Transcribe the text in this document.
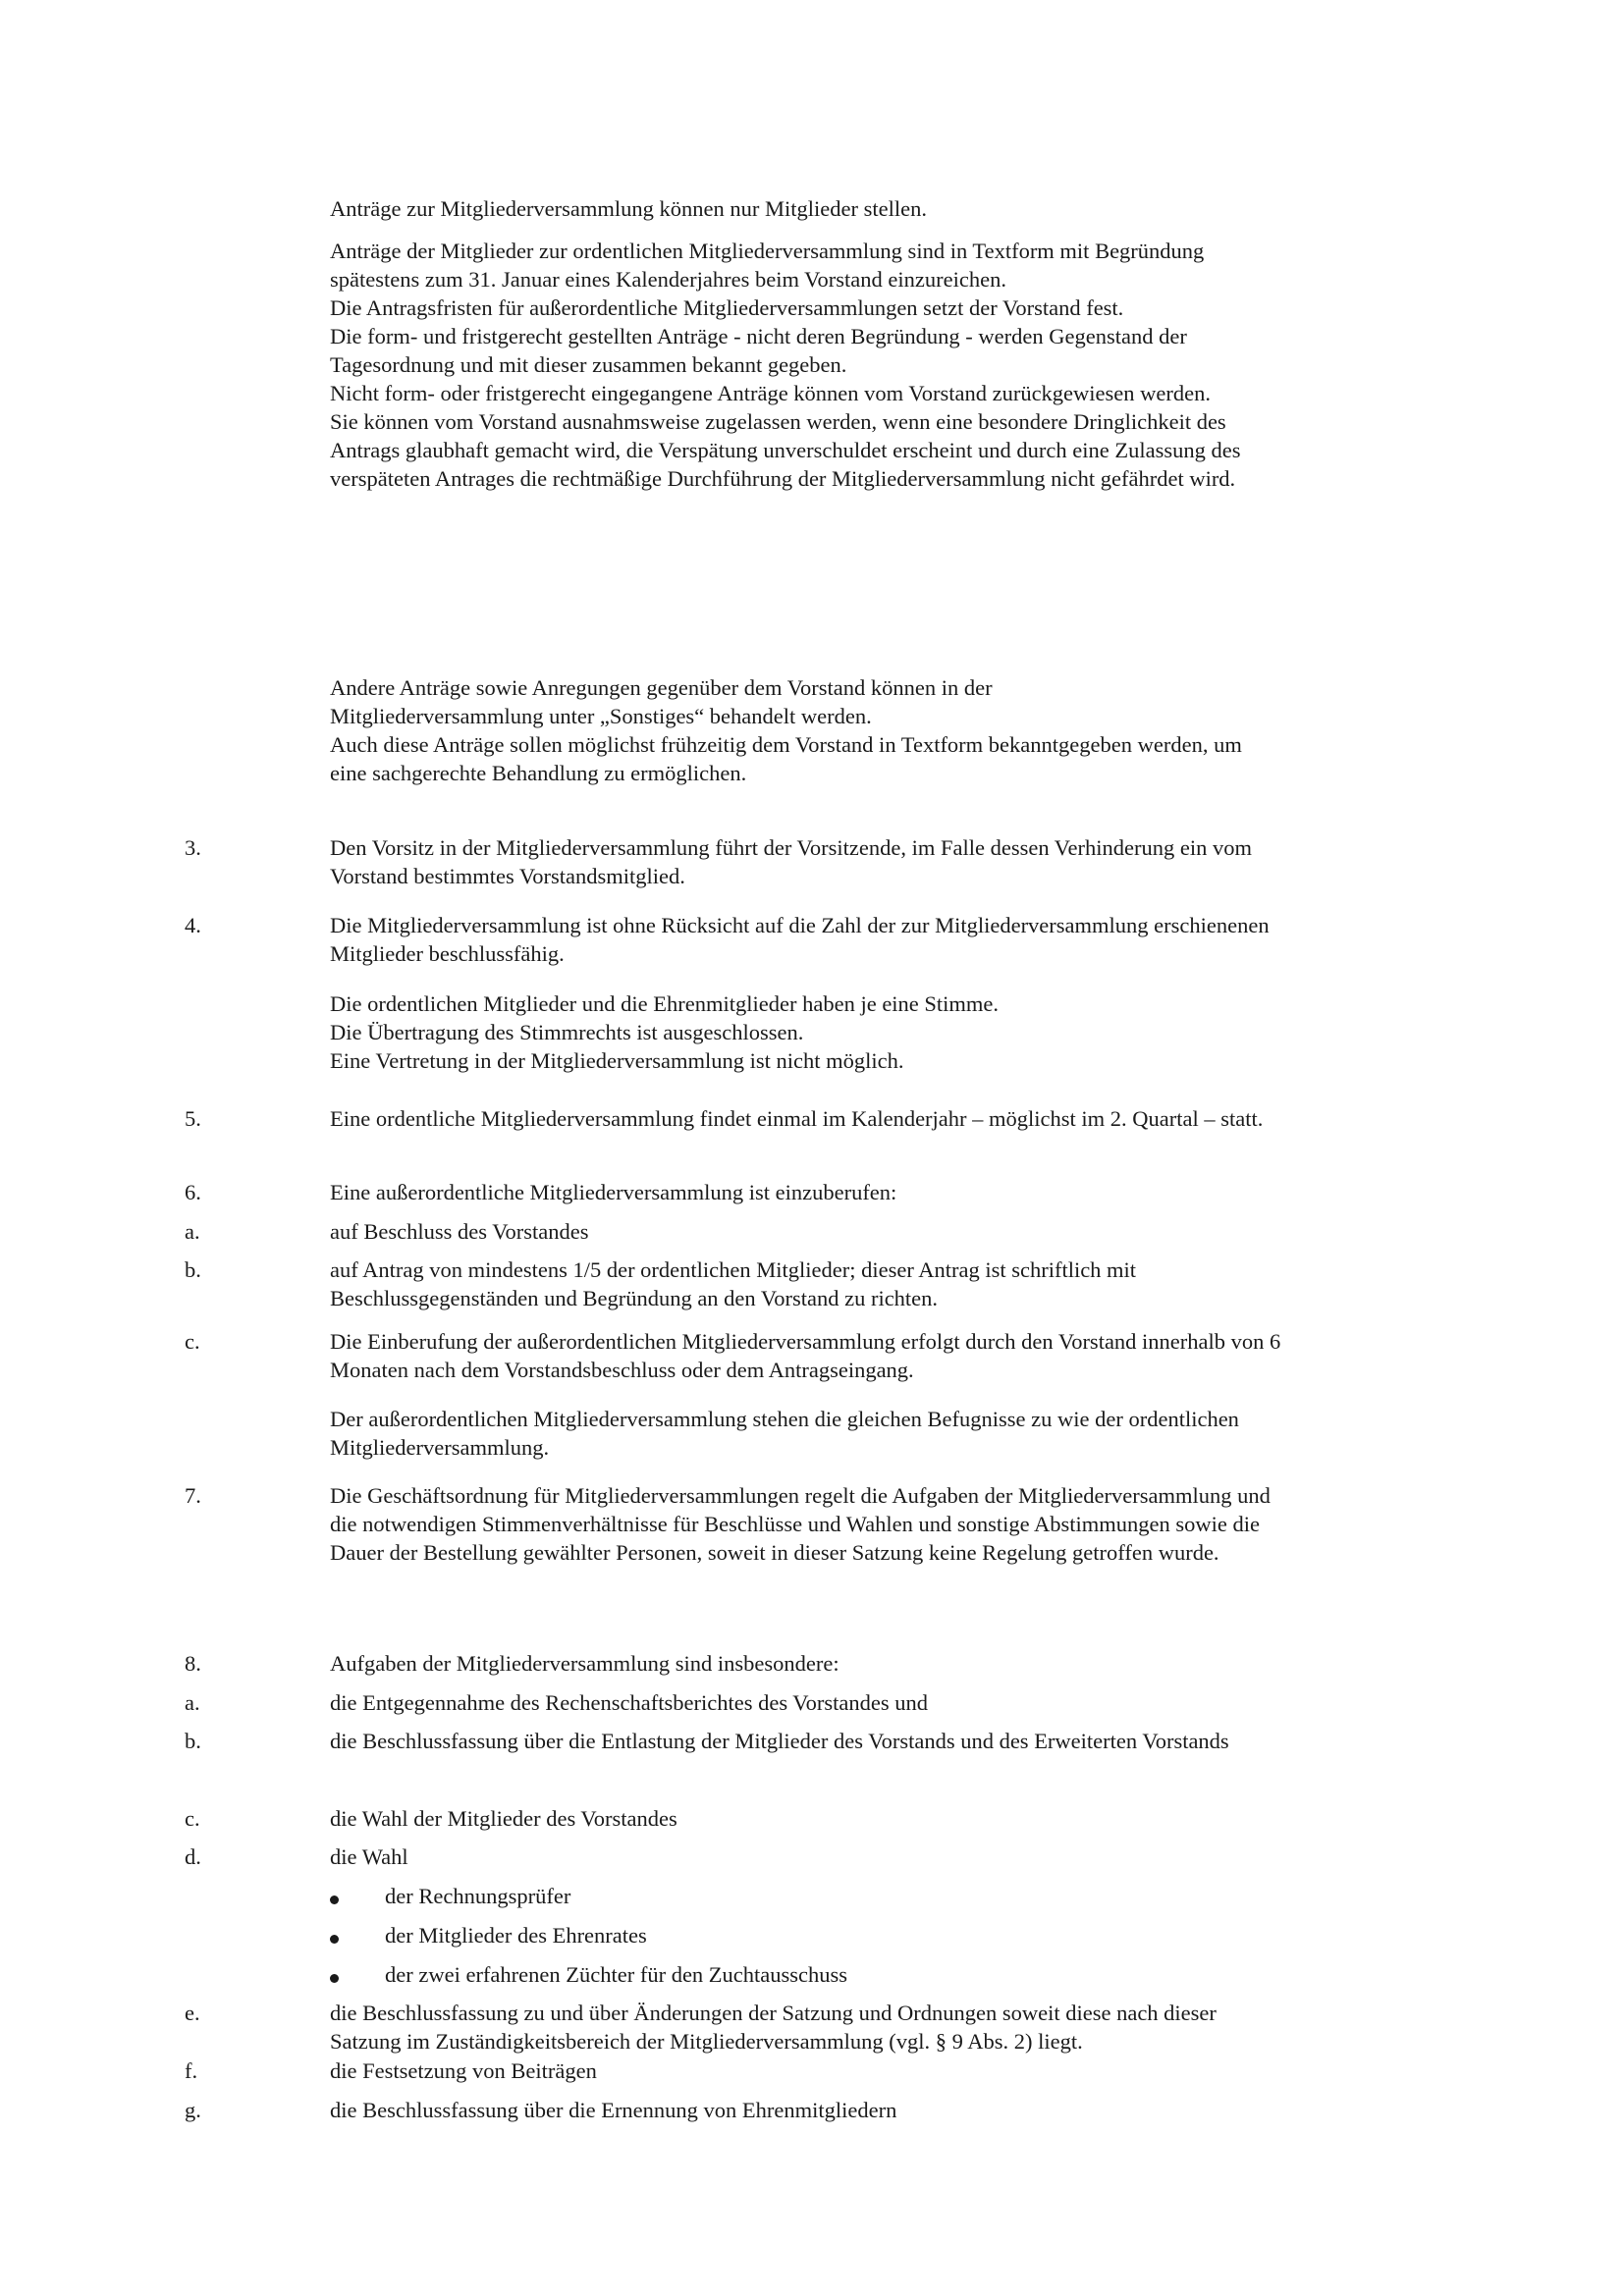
Anträge zur Mitgliederversammlung können nur Mitglieder stellen.

Anträge der Mitglieder zur ordentlichen Mitgliederversammlung sind in Textform mit Begründung
spätestens zum 31. Januar eines Kalenderjahres beim Vorstand einzureichen.
Die Antragsfristen für außerordentliche Mitgliederversammlungen setzt der Vorstand fest.
Die form- und fristgerecht gestellten Anträge - nicht deren Begründung - werden Gegenstand der
Tagesordnung und mit dieser zusammen bekannt gegeben.
Nicht form- oder fristgerecht eingegangene Anträge können vom Vorstand zurückgewiesen werden.
Sie können vom Vorstand ausnahmsweise zugelassen werden, wenn eine besondere Dringlichkeit des
Antrags glaubhaft gemacht wird, die Verspätung unverschuldet erscheint und durch eine Zulassung des
verspäteten Antrages die rechtmäßige Durchführung der Mitgliederversammlung nicht gefährdet wird.

Andere Anträge sowie Anregungen gegenüber dem Vorstand können in der
Mitgliederversammlung unter „Sonstiges“ behandelt werden.
Auch diese Anträge sollen möglichst frühzeitig dem Vorstand in Textform bekanntgegeben werden, um
eine sachgerechte Behandlung zu ermöglichen.

3.	Den Vorsitz in der Mitgliederversammlung führt der Vorsitzende, im Falle dessen Verhinderung ein vom
Vorstand bestimmtes Vorstandsmitglied.

4.	Die Mitgliederversammlung ist ohne Rücksicht auf die Zahl der zur Mitgliederversammlung erschienenen
Mitglieder beschlussfähig.

Die ordentlichen Mitglieder und die Ehrenmitglieder haben je eine Stimme.
Die Übertragung des Stimmrechts ist ausgeschlossen.
Eine Vertretung in der Mitgliederversammlung ist nicht möglich.

5.	Eine ordentliche Mitgliederversammlung findet einmal im Kalenderjahr – möglichst im 2. Quartal – statt.

6.	Eine außerordentliche Mitgliederversammlung ist einzuberufen:

a.	auf Beschluss des Vorstandes

b.	auf Antrag von mindestens 1/5 der ordentlichen Mitglieder; dieser Antrag ist schriftlich mit
Beschlussgegenständen und Begründung an den Vorstand zu richten.

c.	Die Einberufung der außerordentlichen Mitgliederversammlung erfolgt durch den Vorstand innerhalb von 6
Monaten nach dem Vorstandsbeschluss oder dem Antragseingang.

Der außerordentlichen Mitgliederversammlung stehen die gleichen Befugnisse zu wie der ordentlichen
Mitgliederversammlung.

7.	Die Geschäftsordnung für Mitgliederversammlungen regelt die Aufgaben der Mitgliederversammlung und
die notwendigen Stimmenverhältnisse für Beschlüsse und Wahlen und sonstige Abstimmungen sowie die
Dauer der Bestellung gewählter Personen, soweit in dieser Satzung keine Regelung getroffen wurde.

8.	Aufgaben der Mitgliederversammlung sind insbesondere:

a.	die Entgegennahme des Rechenschaftsberichtes des Vorstandes und

b.	die Beschlussfassung über die Entlastung der Mitglieder des Vorstands und des Erweiterten Vorstands

c.	die Wahl der Mitglieder des Vorstandes

d.	die Wahl

der Rechnungsprüfer

der Mitglieder des Ehrenrates

der zwei erfahrenen Züchter für den Zuchtausschuss

e.	die Beschlussfassung zu und über Änderungen der Satzung und Ordnungen soweit diese nach dieser
Satzung im Zuständigkeitsbereich der Mitgliederversammlung (vgl. § 9 Abs. 2) liegt.

f.	die Festsetzung von Beiträgen

g.	die Beschlussfassung über die Ernennung von Ehrenmitgliedern
